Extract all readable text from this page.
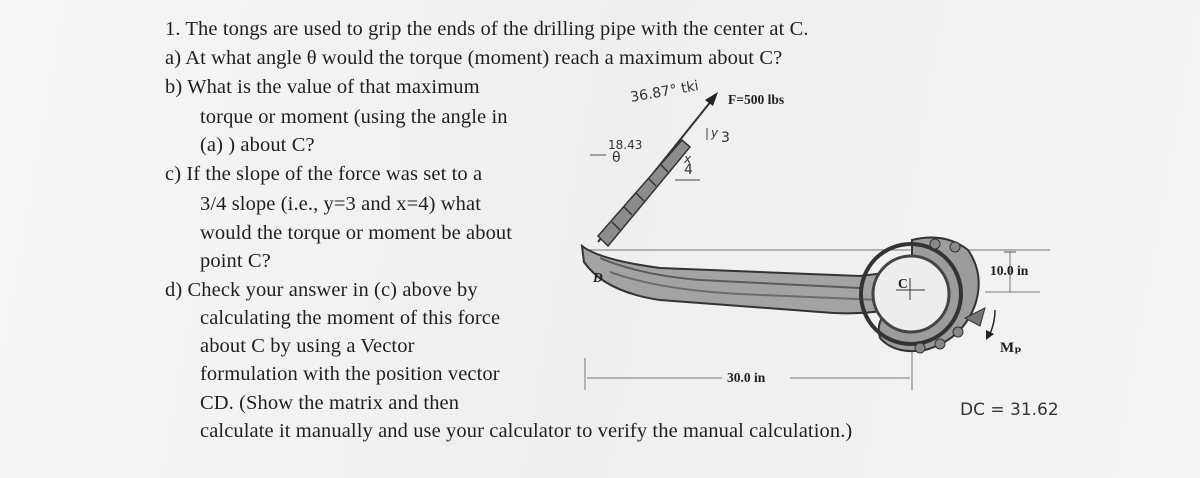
1. The tongs are used to grip the ends of the drilling pipe with the center at C.
a) At what angle θ would the torque (moment) reach a maximum about C?
b) What is the value of that maximum
torque or moment (using the angle in
(a) ) about C?
c) If the slope of the force was set to a
3/4 slope (i.e., y=3 and x=4) what
would the torque or moment be about
point C?
d) Check your answer in (c) above by
calculating the moment of this force
about C by using a Vector
formulation with the position vector
CD. (Show the matrix and then
calculate it manually and use your calculator to verify the manual calculation.)
F=500 lbs
D	C
30.0 in
10.0 in
Mₚ
θ
y 3
x
4
36.87° tki
18.43
DC = 31.62
